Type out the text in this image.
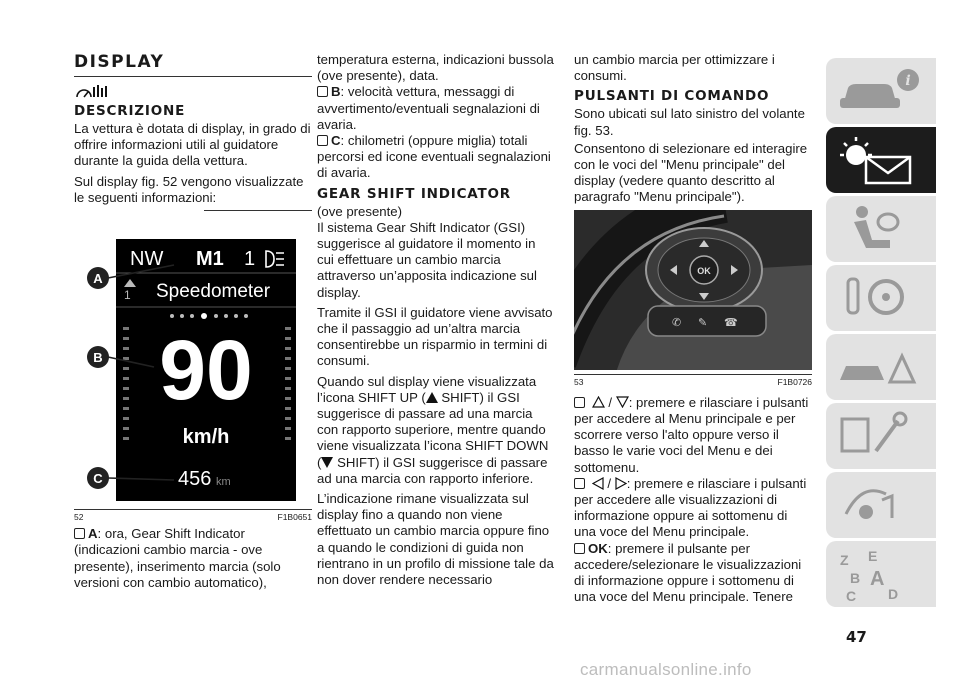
DISPLAY
DESCRIZIONE

La vettura è dotata di display, in grado di offrire informazioni utili al guidatore durante la guida della vettura.

Sul display fig. 52 vengono visualizzate le seguenti informazioni:

NW M1 1
1 Speedometer
90
km/h
456 km
A
B
C
52	F1B0651

A: ora, Gear Shift Indicator (indicazioni cambio marcia - ove presente), inserimento marcia (solo versioni con cambio automatico),

temperatura esterna, indicazioni bussola (ove presente), data.

B: velocità vettura, messaggi di avvertimento/eventuali segnalazioni di avaria.

C: chilometri (oppure miglia) totali percorsi ed icone eventuali segnalazioni di avaria.

GEAR SHIFT INDICATOR

(ove presente)

Il sistema Gear Shift Indicator (GSI) suggerisce al guidatore il momento in cui effettuare un cambio marcia attraverso un’apposita indicazione sul display.

Tramite il GSI il guidatore viene avvisato che il passaggio ad un’altra marcia consentirebbe un risparmio in termini di consumi.

Quando sul display viene visualizzata l’icona SHIFT UP ( SHIFT) il GSI suggerisce di passare ad una marcia con rapporto superiore, mentre quando viene visualizzata l’icona SHIFT DOWN ( SHIFT) il GSI suggerisce di passare ad una marcia con rapporto inferiore.

L’indicazione rimane visualizzata sul display fino a quando non viene effettuato un cambio marcia oppure fino a quando le condizioni di guida non rientrano in un profilo di missione tale da non dover rendere necessario

un cambio marcia per ottimizzare i consumi.

PULSANTI DI COMANDO

Sono ubicati sul lato sinistro del volante fig. 53.

Consentono di selezionare ed interagire con le voci del "Menu principale" del display (vedere quanto descritto al paragrafo "Menu principale").

OK
✆ ✎ ☎
53	F1B0726

/ : premere e rilasciare i pulsanti per accedere al Menu principale e per scorrere verso l'alto oppure verso il basso le varie voci del Menu e dei sottomenu.

/ : premere e rilasciare i pulsanti per accedere alle visualizzazioni di informazione oppure ai sottomenu di una voce del Menu principale.

OK: premere il pulsante per accedere/selezionare le visualizzazioni di informazione oppure i sottomenu di una voce del Menu principale. Tenere

i
Z E
B A
C D
47
carmanualsonline.info
